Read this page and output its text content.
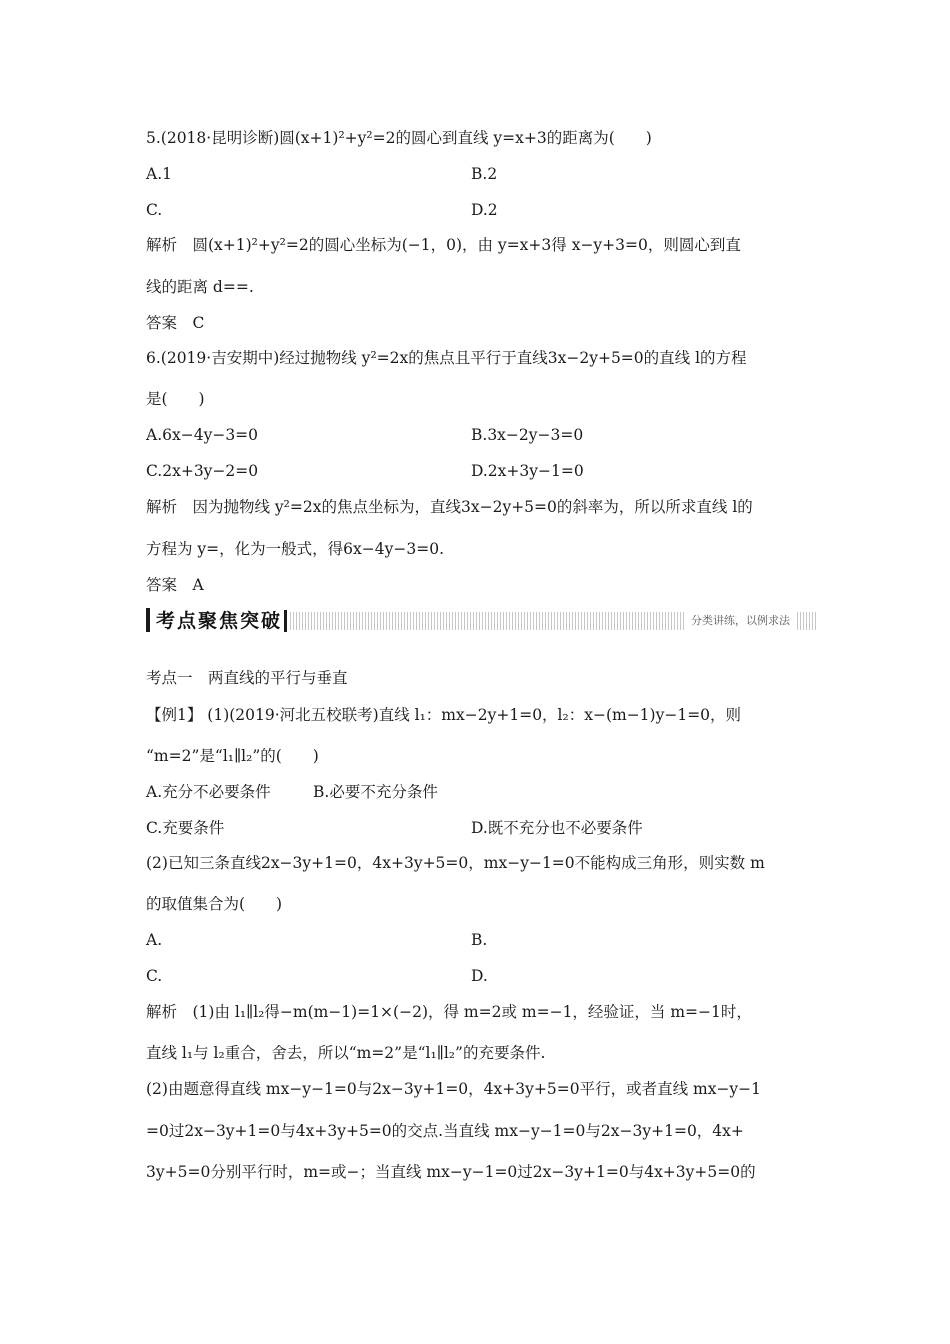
5.(2018·昆明诊断)圆(x+1)²+y²=2的圆心到直线 y=x+3的距离为(　　)
A.1	B.2
C.	D.2
解析　圆(x+1)²+y²=2的圆心坐标为(−1，0)，由 y=x+3得 x−y+3=0，则圆心到直
线的距离 d==.
答案　C
6.(2019·吉安期中)经过抛物线 y²=2x的焦点且平行于直线3x−2y+5=0的直线 l的方程
是(　　)
A.6x−4y−3=0	B.3x−2y−3=0
C.2x+3y−2=0	D.2x+3y−1=0
解析　因为抛物线 y²=2x的焦点坐标为，直线3x−2y+5=0的斜率为，所以所求直线 l的
方程为 y=，化为一般式，得6x−4y−3=0.
答案　A
考点聚焦突破	分类讲练，以例求法
考点一　两直线的平行与垂直
【例1】 (1)(2019·河北五校联考)直线 l₁：mx−2y+1=0，l₂：x−(m−1)y−1=0，则
“m=2”是“l₁∥l₂”的(　　)
A.充分不必要条件	B.必要不充分条件
C.充要条件	D.既不充分也不必要条件
(2)已知三条直线2x−3y+1=0，4x+3y+5=0，mx−y−1=0不能构成三角形，则实数 m
的取值集合为(　　)
A.	B.
C.	D.
解析　(1)由 l₁∥l₂得−m(m−1)=1×(−2)，得 m=2或 m=−1，经验证，当 m=−1时，
直线 l₁与 l₂重合，舍去，所以“m=2”是“l₁∥l₂”的充要条件.
(2)由题意得直线 mx−y−1=0与2x−3y+1=0，4x+3y+5=0平行，或者直线 mx−y−1
=0过2x−3y+1=0与4x+3y+5=0的交点.当直线 mx−y−1=0与2x−3y+1=0，4x+
3y+5=0分别平行时，m=或−；当直线 mx−y−1=0过2x−3y+1=0与4x+3y+5=0的
